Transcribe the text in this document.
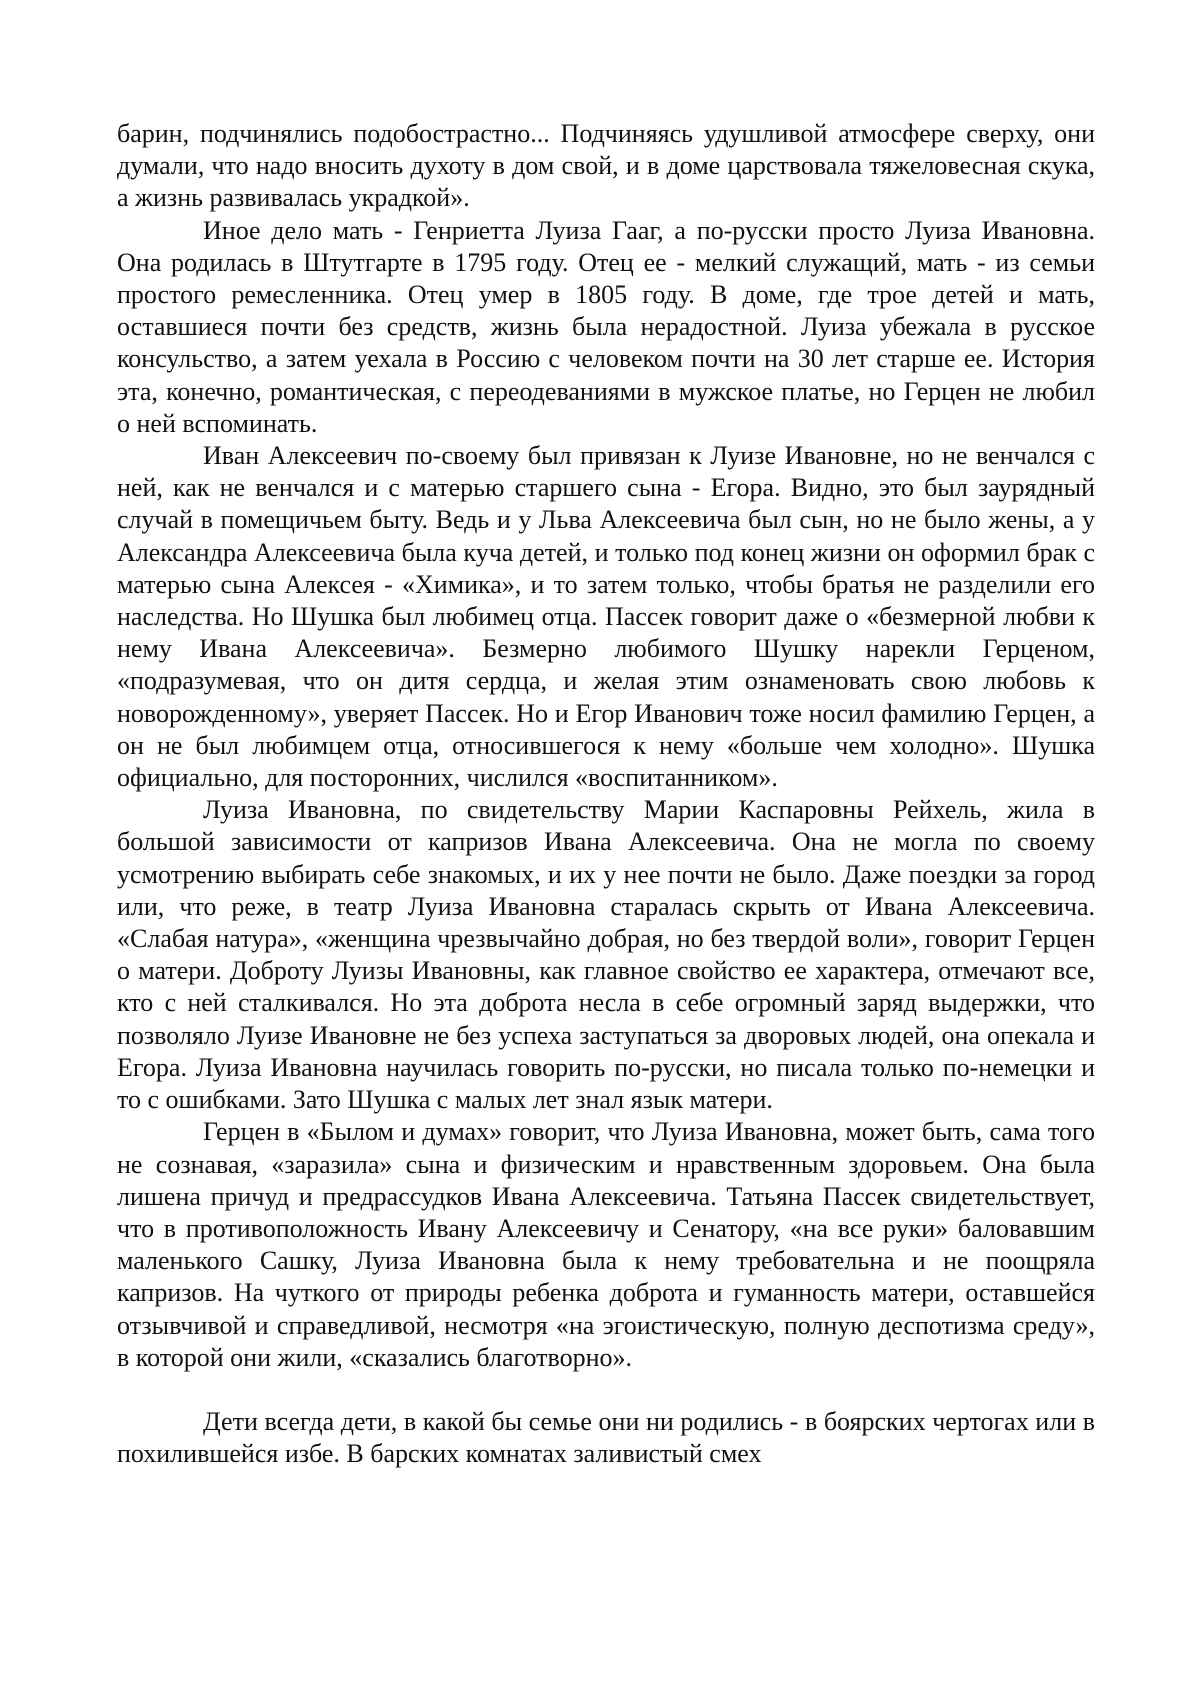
барин, подчинялись подобострастно... Подчиняясь удушливой атмосфере сверху, они думали, что надо вносить духоту в дом свой, и в доме царствовала тяжеловесная скука, а жизнь развивалась украдкой».

Иное дело мать - Генриетта Луиза Гааг, а по-русски просто Луиза Ивановна. Она родилась в Штутгарте в 1795 году. Отец ее - мелкий служащий, мать - из семьи простого ремесленника. Отец умер в 1805 году. В доме, где трое детей и мать, оставшиеся почти без средств, жизнь была нерадостной. Луиза убежала в русское консульство, а затем уехала в Россию с человеком почти на 30 лет старше ее. История эта, конечно, романтическая, с переодеваниями в мужское платье, но Герцен не любил о ней вспоминать.

Иван Алексеевич по-своему был привязан к Луизе Ивановне, но не венчался с ней, как не венчался и с матерью старшего сына - Егора. Видно, это был заурядный случай в помещичьем быту. Ведь и у Льва Алексеевича был сын, но не было жены, а у Александра Алексеевича была куча детей, и только под конец жизни он оформил брак с матерью сына Алексея - «Химика», и то затем только, чтобы братья не разделили его наследства. Но Шушка был любимец отца. Пассек говорит даже о «безмерной любви к нему Ивана Алексеевича». Безмерно любимого Шушку нарекли Герценом, «подразумевая, что он дитя сердца, и желая этим ознаменовать свою любовь к новорожденному», уверяет Пассек. Но и Егор Иванович тоже носил фамилию Герцен, а он не был любимцем отца, относившегося к нему «больше чем холодно». Шушка официально, для посторонних, числился «воспитанником».

Луиза Ивановна, по свидетельству Марии Каспаровны Рейхель, жила в большой зависимости от капризов Ивана Алексеевича. Она не могла по своему усмотрению выбирать себе знакомых, и их у нее почти не было. Даже поездки за город или, что реже, в театр Луиза Ивановна старалась скрыть от Ивана Алексеевича. «Слабая натура», «женщина чрезвычайно добрая, но без твердой воли», говорит Герцен о матери. Доброту Луизы Ивановны, как главное свойство ее характера, отмечают все, кто с ней сталкивался. Но эта доброта несла в себе огромный заряд выдержки, что позволяло Луизе Ивановне не без успеха заступаться за дворовых людей, она опекала и Егора. Луиза Ивановна научилась говорить по-русски, но писала только по-немецки и то с ошибками. Зато Шушка с малых лет знал язык матери.

Герцен в «Былом и думах» говорит, что Луиза Ивановна, может быть, сама того не сознавая, «заразила» сына и физическим и нравственным здоровьем. Она была лишена причуд и предрассудков Ивана Алексеевича. Татьяна Пассек свидетельствует, что в противоположность Ивану Алексеевичу и Сенатору, «на все руки» баловавшим маленького Сашку, Луиза Ивановна была к нему требовательна и не поощряла капризов. На чуткого от природы ребенка доброта и гуманность матери, оставшейся отзывчивой и справедливой, несмотря «на эгоистическую, полную деспотизма среду», в которой они жили, «сказались благотворно».

Дети всегда дети, в какой бы семье они ни родились - в боярских чертогах или в похилившейся избе. В барских комнатах заливистый смех
